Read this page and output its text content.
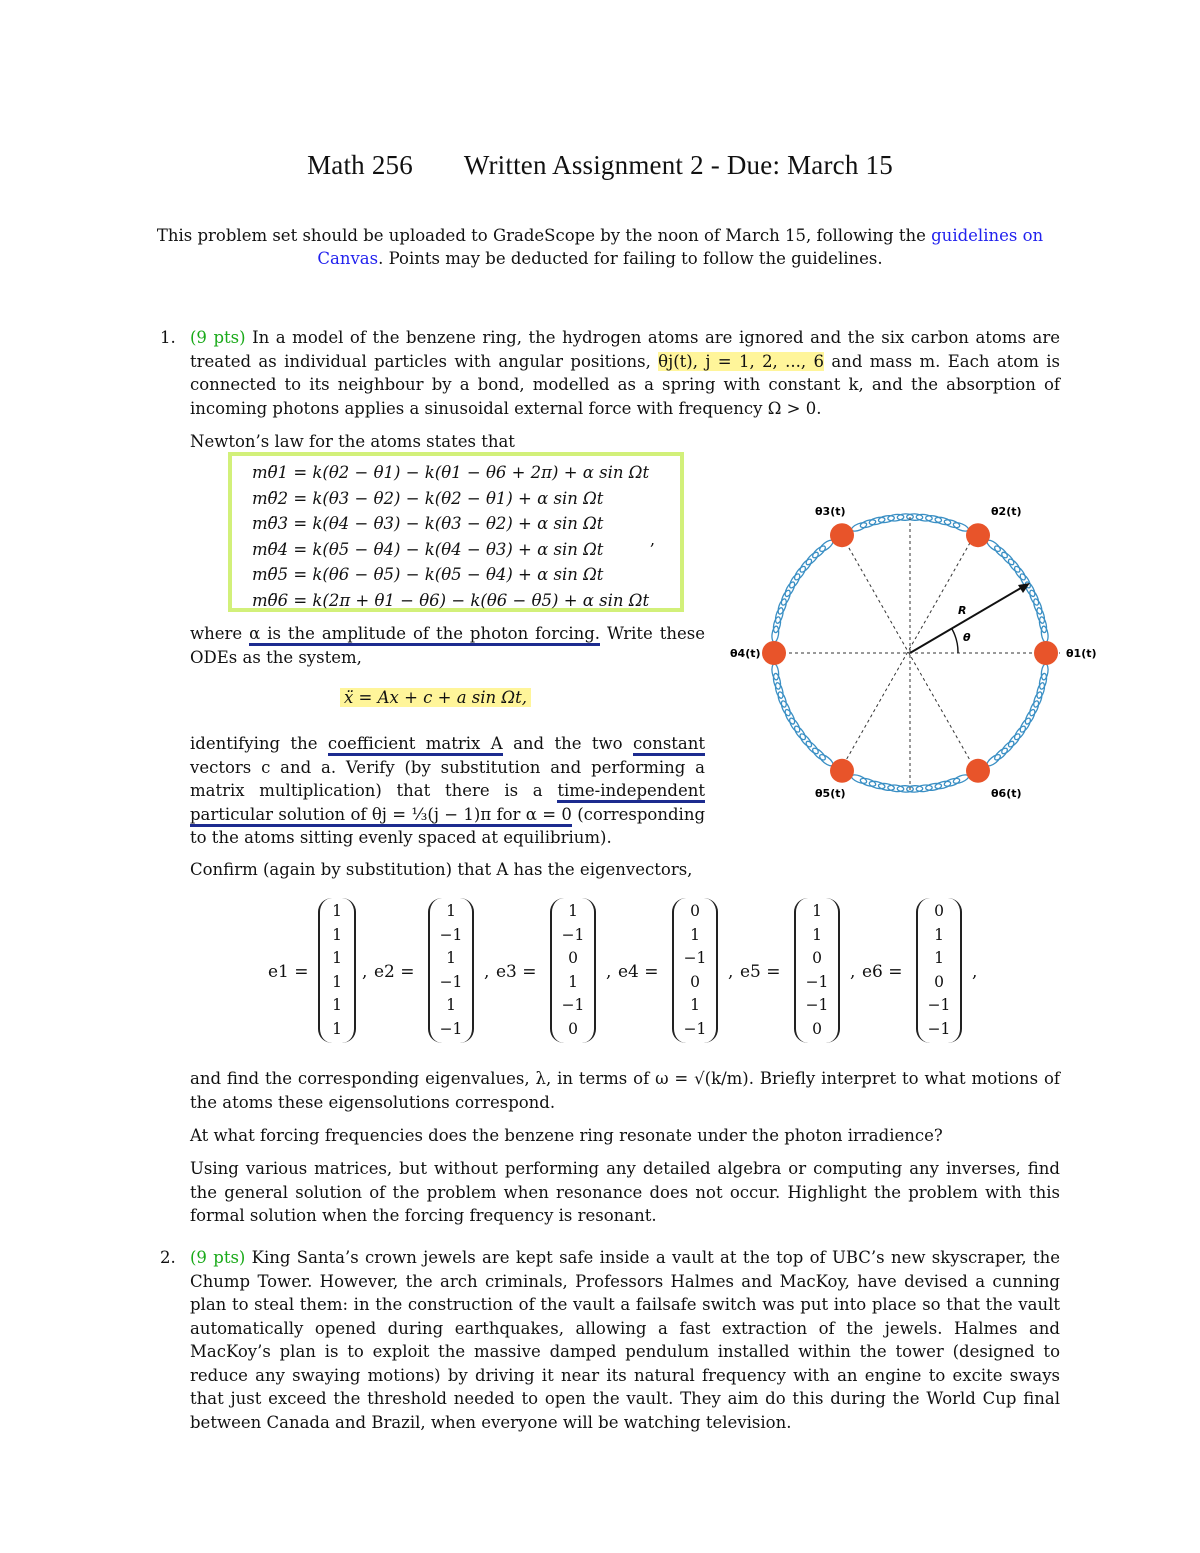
Math 256 Written Assignment 2 - Due: March 15
This problem set should be uploaded to GradeScope by the noon of March 15, following the guidelines on Canvas. Points may be deducted for failing to follow the guidelines.
1. (9 pts) In a model of the benzene ring, the hydrogen atoms are ignored and the six carbon atoms are treated as individual particles with angular positions, θj(t), j = 1, 2, ..., 6 and mass m. Each atom is connected to its neighbour by a bond, modelled as a spring with constant k, and the absorption of incoming photons applies a sinusoidal external force with frequency Ω > 0.
Newton’s law for the atoms states that
mθ̈1 = k(θ2 − θ1) − k(θ1 − θ6 + 2π) + α sin Ωt
mθ̈2 = k(θ3 − θ2) − k(θ2 − θ1) + α sin Ωt
mθ̈3 = k(θ4 − θ3) − k(θ3 − θ2) + α sin Ωt
mθ̈4 = k(θ5 − θ4) − k(θ4 − θ3) + α sin Ωt
mθ̈5 = k(θ6 − θ5) − k(θ5 − θ4) + α sin Ωt
mθ̈6 = k(2π + θ1 − θ6) − k(θ6 − θ5) + α sin Ωt
,
where α is the amplitude of the photon forcing. Write these ODEs as the system,
ẍ = Ax + c + a sin Ωt,
identifying the coefficient matrix A and the two constant vectors c and a. Verify (by substitution and performing a matrix multiplication) that there is a time-independent particular solution of θj = ⅓(j − 1)π for α = 0 (corresponding to the atoms sitting evenly spaced at equilibrium).
Confirm (again by substitution) that A has the eigenvectors,
e1 =
1
1
1
1
1
1
, e2 =
1
−1
1
−1
1
−1
, e3 =
1
−1
0
1
−1
0
, e4 =
0
1
−1
0
1
−1
, e5 =
1
1
0
−1
−1
0
, e6 =
0
1
1
0
−1
−1
,
and find the corresponding eigenvalues, λ, in terms of ω = √(k/m). Briefly interpret to what motions of the atoms these eigensolutions correspond.
At what forcing frequencies does the benzene ring resonate under the photon irradience?
Using various matrices, but without performing any detailed algebra or computing any inverses, find the general solution of the problem when resonance does not occur. Highlight the problem with this formal solution when the forcing frequency is resonant.
2. (9 pts) King Santa’s crown jewels are kept safe inside a vault at the top of UBC’s new skyscraper, the Chump Tower. However, the arch criminals, Professors Halmes and MacKoy, have devised a cunning plan to steal them: in the construction of the vault a failsafe switch was put into place so that the vault automatically opened during earthquakes, allowing a fast extraction of the jewels. Halmes and MacKoy’s plan is to exploit the massive damped pendulum installed within the tower (designed to reduce any swaying motions) by driving it near its natural frequency with an engine to excite sways that just exceed the threshold needed to open the vault. They aim do this during the World Cup final between Canada and Brazil, when everyone will be watching television.
R
θ
θ1(t)
θ2(t)
θ3(t)
θ4(t)
θ5(t)	θ6(t)
